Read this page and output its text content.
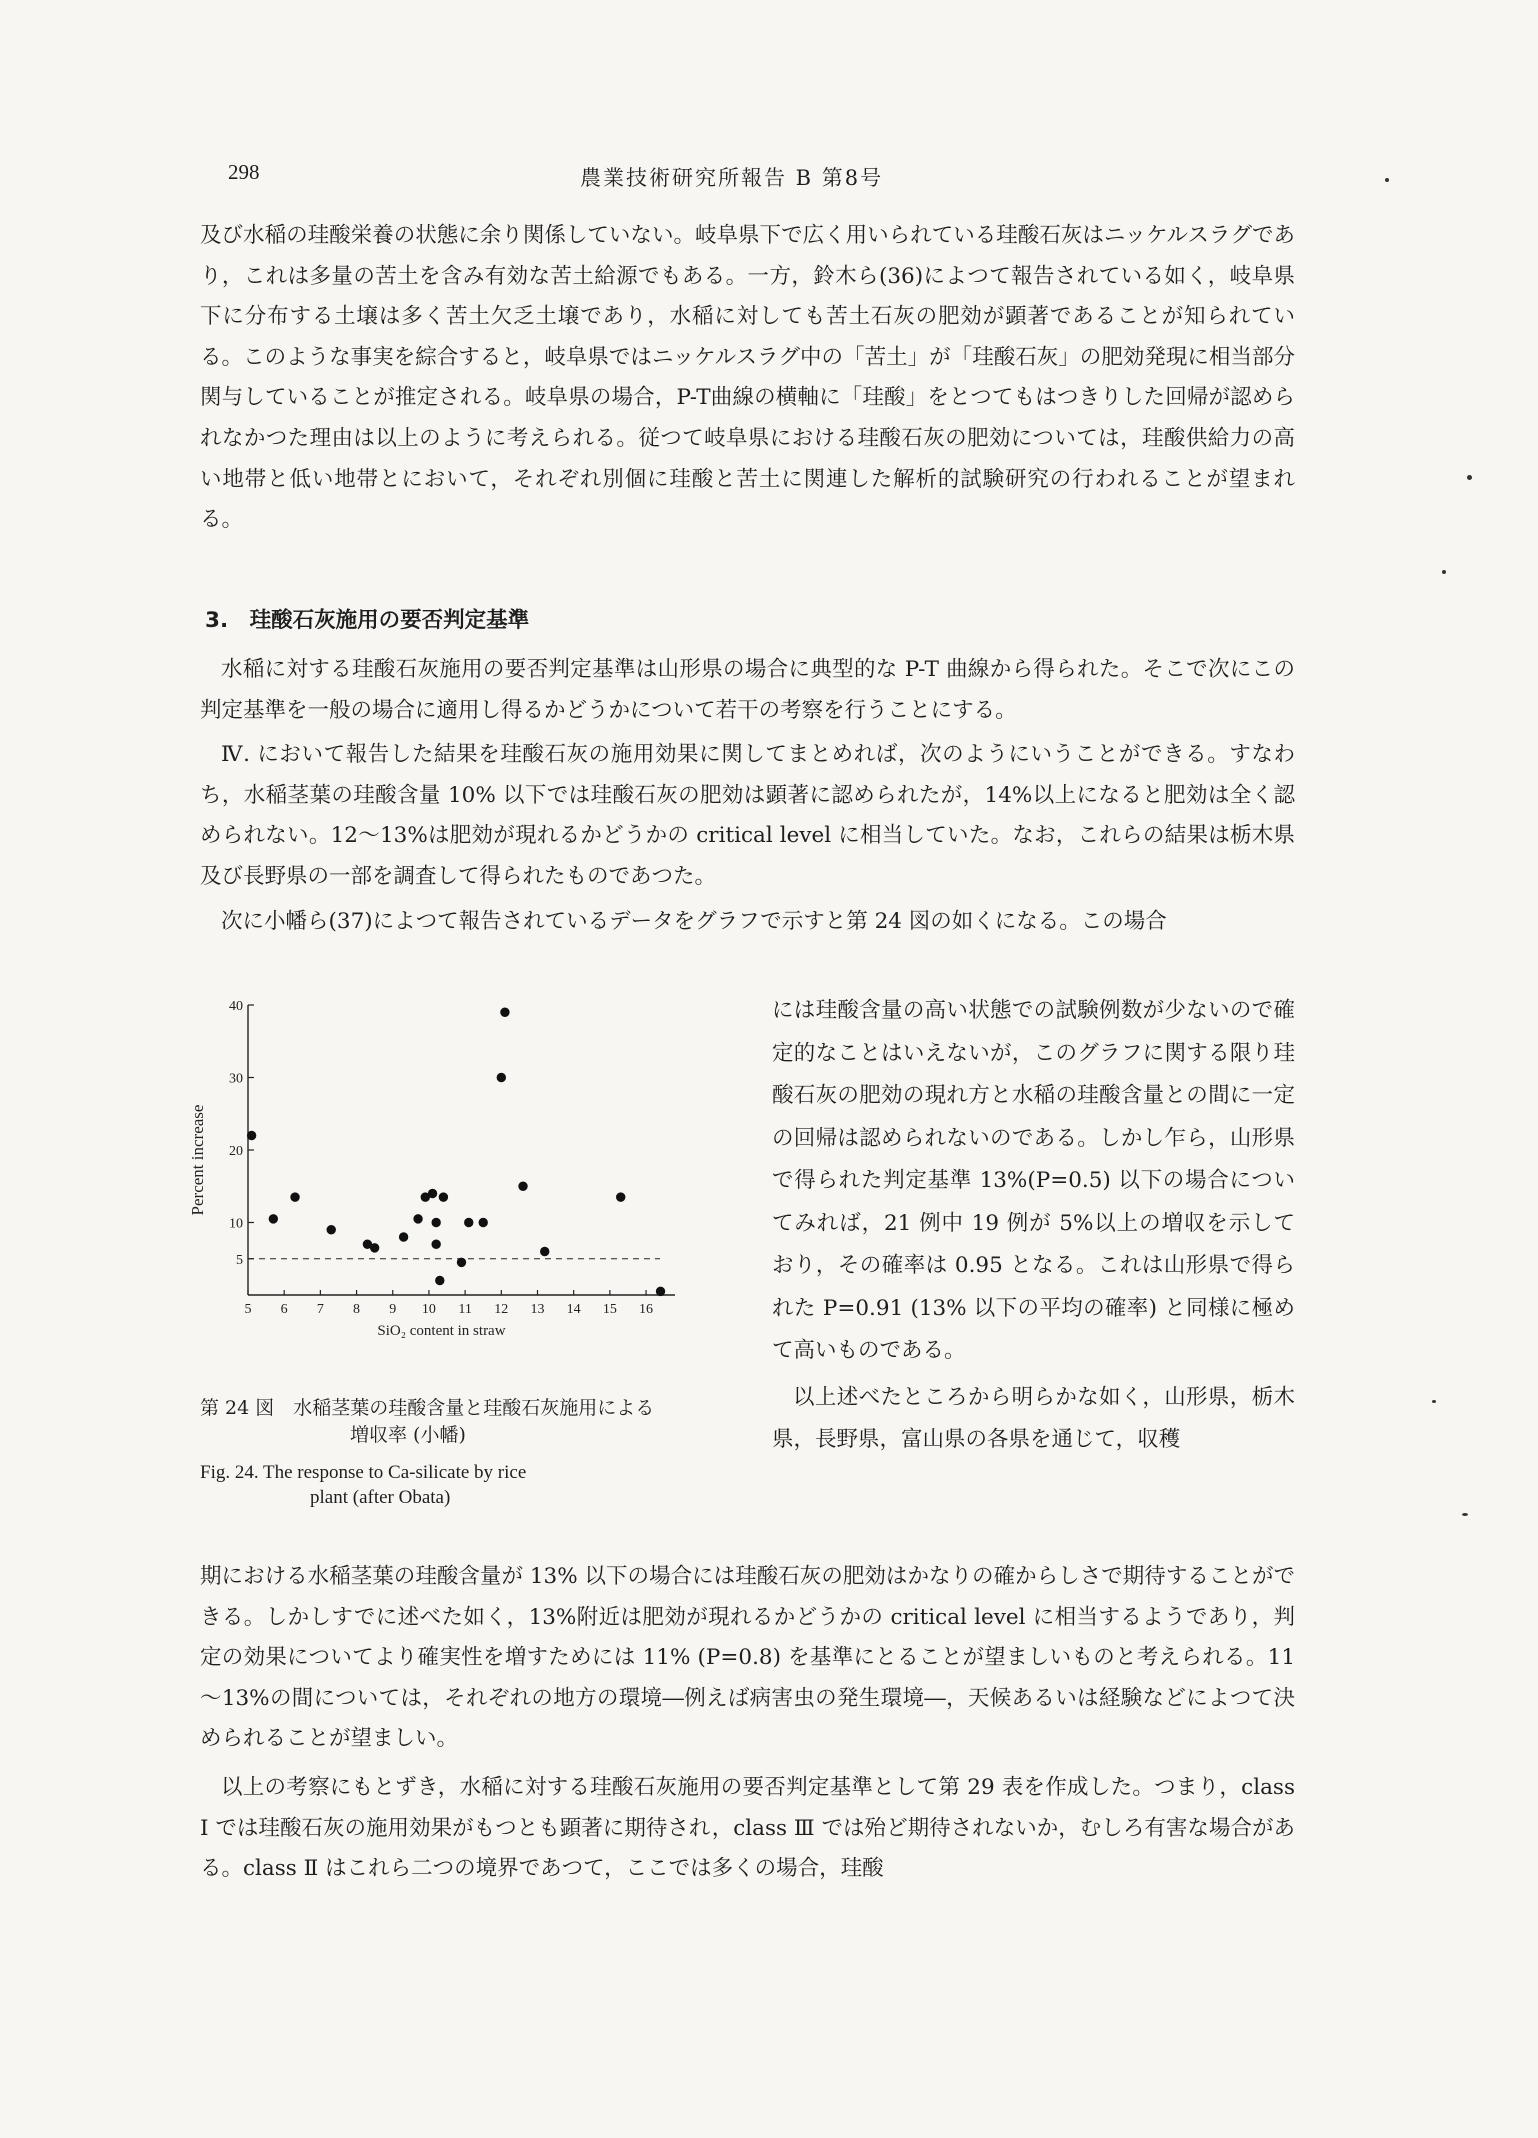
298	農業技術研究所報告 B 第8号

及び水稲の珪酸栄養の状態に余り関係していない。岐阜県下で広く用いられている珪酸石灰はニッケルスラグであり，これは多量の苦土を含み有効な苦土給源でもある。一方，鈴木ら(36)によつて報告されている如く，岐阜県下に分布する土壌は多く苦土欠乏土壌であり，水稲に対しても苦土石灰の肥効が顕著であることが知られている。このような事実を綜合すると，岐阜県ではニッケルスラグ中の「苦土」が「珪酸石灰」の肥効発現に相当部分関与していることが推定される。岐阜県の場合，P-T曲線の横軸に「珪酸」をとつてもはつきりした回帰が認められなかつた理由は以上のように考えられる。従つて岐阜県における珪酸石灰の肥効については，珪酸供給力の高い地帯と低い地帯とにおいて，それぞれ別個に珪酸と苦土に関連した解析的試験研究の行われることが望まれる。

3.　珪酸石灰施用の要否判定基準

水稲に対する珪酸石灰施用の要否判定基準は山形県の場合に典型的な P-T 曲線から得られた。そこで次にこの判定基準を一般の場合に適用し得るかどうかについて若干の考察を行うことにする。

Ⅳ. において報告した結果を珪酸石灰の施用効果に関してまとめれば，次のようにいうことができる。すなわち，水稲茎葉の珪酸含量 10% 以下では珪酸石灰の肥効は顕著に認められたが，14%以上になると肥効は全く認められない。12～13%は肥効が現れるかどうかの critical level に相当していた。なお，これらの結果は栃木県及び長野県の一部を調査して得られたものであつた。

次に小幡ら(37)によつて報告されているデータをグラフで示すと第 24 図の如くになる。この場合

5
10
20
30
40
5 6 7 8 9 10 11 12 13 14 15 16
SiO₂ content in straw
Percent increase
第 24 図　水稲茎葉の珪酸含量と珪酸石灰施用による
増収率 (小幡)
Fig. 24. The response to Ca-silicate by rice
plant (after Obata)

には珪酸含量の高い状態での試験例数が少ないので確定的なことはいえないが，このグラフに関する限り珪酸石灰の肥効の現れ方と水稲の珪酸含量との間に一定の回帰は認められないのである。しかし乍ら，山形県で得られた判定基準 13%(P=0.5) 以下の場合についてみれば，21 例中 19 例が 5%以上の増収を示しており，その確率は 0.95 となる。これは山形県で得られた P=0.91 (13% 以下の平均の確率) と同様に極めて高いものである。

以上述べたところから明らかな如く，山形県，栃木県，長野県，富山県の各県を通じて，収穫

期における水稲茎葉の珪酸含量が 13% 以下の場合には珪酸石灰の肥効はかなりの確からしさで期待することができる。しかしすでに述べた如く，13%附近は肥効が現れるかどうかの critical level に相当するようであり，判定の効果についてより確実性を増すためには 11% (P=0.8) を基準にとることが望ましいものと考えられる。11～13%の間については，それぞれの地方の環境―例えば病害虫の発生環境―，天候あるいは経験などによつて決められることが望ましい。

以上の考察にもとずき，水稲に対する珪酸石灰施用の要否判定基準として第 29 表を作成した。つまり，class Ⅰ では珪酸石灰の施用効果がもつとも顕著に期待され，class Ⅲ では殆ど期待されないか，むしろ有害な場合がある。class Ⅱ はこれら二つの境界であつて，ここでは多くの場合，珪酸
